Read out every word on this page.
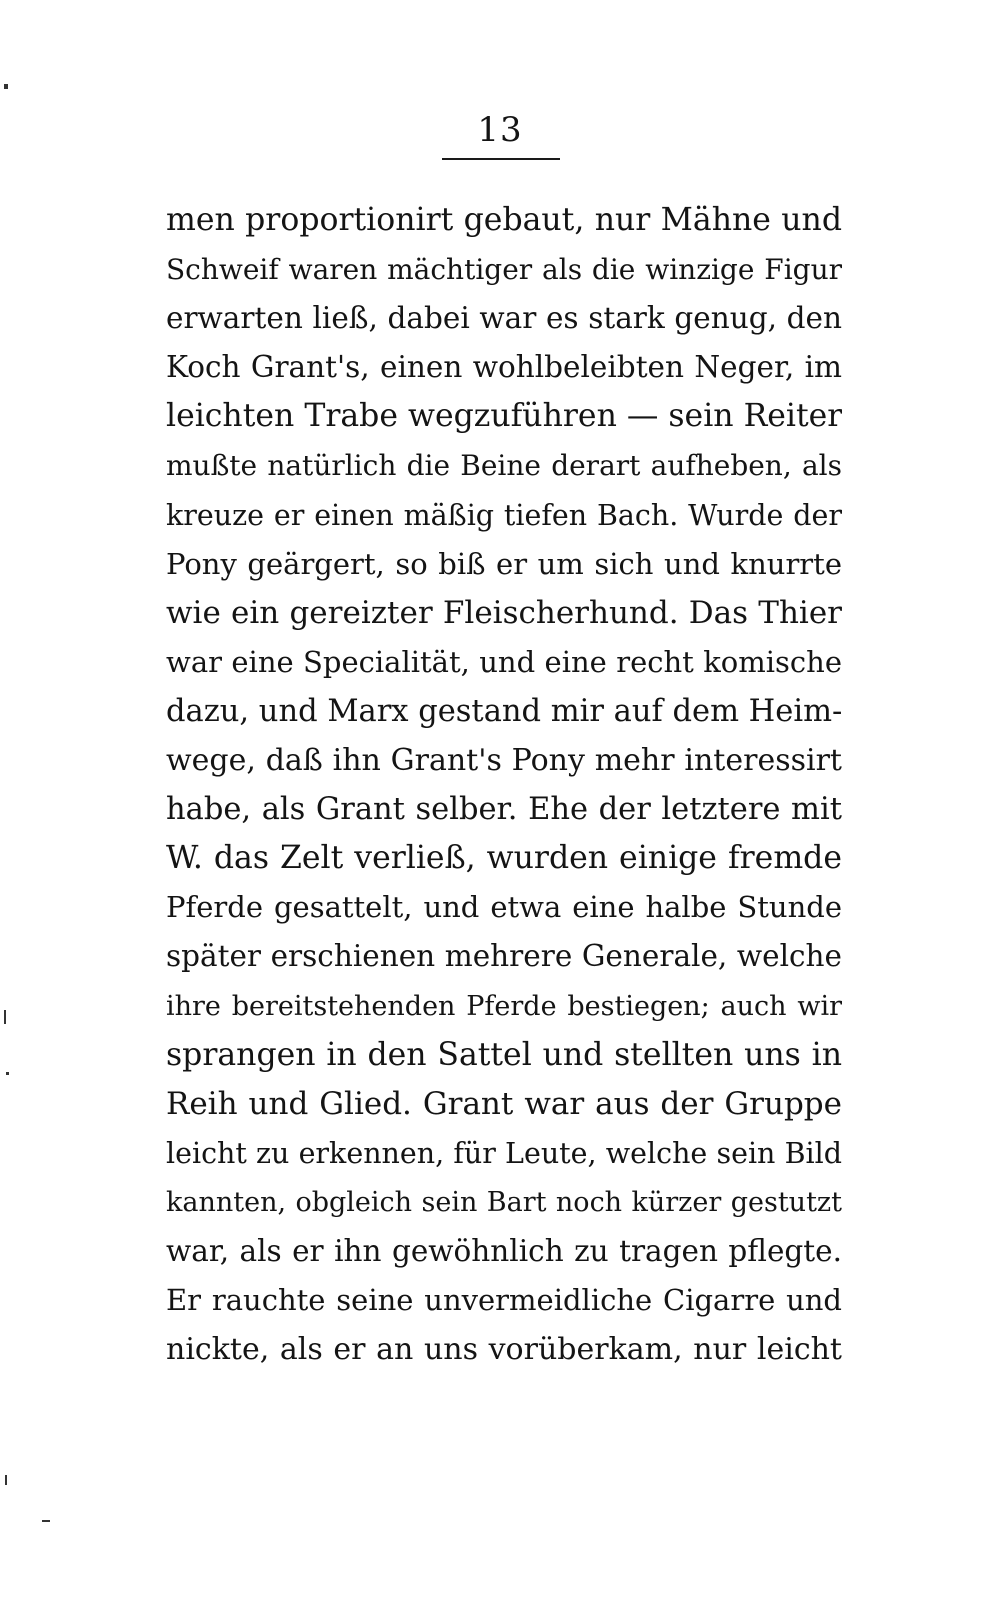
13
men proportionirt gebaut, nur Mähne und
Schweif waren mächtiger als die winzige Figur
erwarten ließ, dabei war es stark genug, den
Koch Grant's, einen wohlbeleibten Neger, im
leichten Trabe wegzuführen — sein Reiter
mußte natürlich die Beine derart aufheben, als
kreuze er einen mäßig tiefen Bach. Wurde der
Pony geärgert, so biß er um sich und knurrte
wie ein gereizter Fleischerhund. Das Thier
war eine Specialität, und eine recht komische
dazu, und Marx gestand mir auf dem Heim-
wege, daß ihn Grant's Pony mehr interessirt
habe, als Grant selber. Ehe der letztere mit
W. das Zelt verließ, wurden einige fremde
Pferde gesattelt, und etwa eine halbe Stunde
später erschienen mehrere Generale, welche
ihre bereitstehenden Pferde bestiegen; auch wir
sprangen in den Sattel und stellten uns in
Reih und Glied. Grant war aus der Gruppe
leicht zu erkennen, für Leute, welche sein Bild
kannten, obgleich sein Bart noch kürzer gestutzt
war, als er ihn gewöhnlich zu tragen pflegte.
Er rauchte seine unvermeidliche Cigarre und
nickte, als er an uns vorüberkam, nur leicht
